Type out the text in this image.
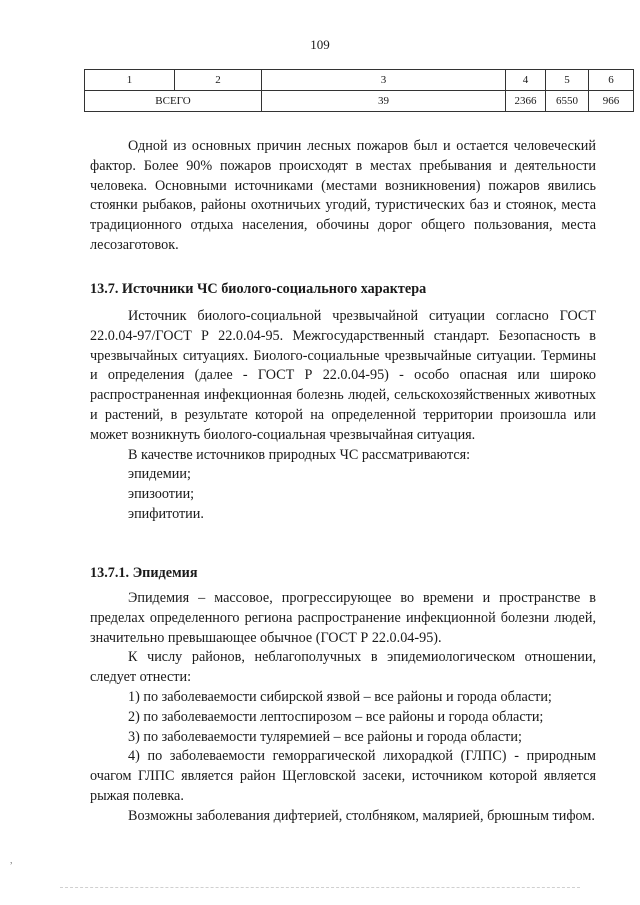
109
1	2	3	4	5	6
ВСЕГО		39	2366	6550	966

Одной из основных причин лесных пожаров был и остается человеческий фактор. Более 90% пожаров происходят в местах пребывания и деятельности человека. Основными источниками (местами возникновения) пожаров явились стоянки рыбаков, районы охотничьих угодий, туристических баз и стоянок, места традиционного отдыха населения, обочины дорог общего пользования, места лесозаготовок.

13.7. Источники ЧС биолого-социального характера

Источник биолого-социальной чрезвычайной ситуации согласно ГОСТ 22.0.04-97/ГОСТ Р 22.0.04-95. Межгосударственный стандарт. Безопасность в чрезвычайных ситуациях. Биолого-социальные чрезвычайные ситуации. Термины и определения (далее - ГОСТ Р 22.0.04-95) - особо опасная или широко распространенная инфекционная болезнь людей, сельскохозяйственных животных и растений, в результате которой на определенной территории произошла или может возникнуть биолого-социальная чрезвычайная ситуация.

В качестве источников природных ЧС рассматриваются:

эпидемии;

эпизоотии;

эпифитотии.

13.7.1. Эпидемия

Эпидемия – массовое, прогрессирующее во времени и пространстве в пределах определенного региона распространение инфекционной болезни людей, значительно превышающее обычное (ГОСТ Р 22.0.04-95).

К числу районов, неблагополучных в эпидемиологическом отношении, следует отнести:

1) по заболеваемости сибирской язвой – все районы и города области;

2) по заболеваемости лептоспирозом – все районы и города области;

3) по заболеваемости туляремией – все районы и города области;

4) по заболеваемости геморрагической лихорадкой (ГЛПС) - природным очагом ГЛПС является район Щегловской засеки, источником которой является рыжая полевка.

Возможны заболевания дифтерией, столбняком, малярией, брюшным тифом.

,
